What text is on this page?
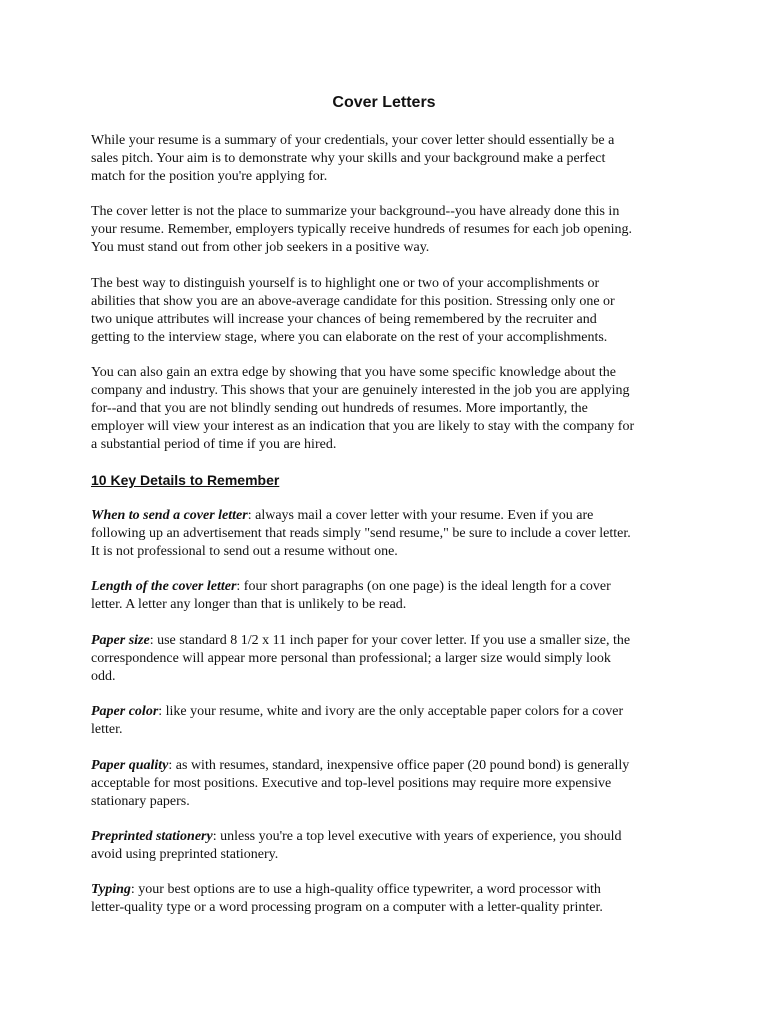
Cover Letters

While your resume is a summary of your credentials, your cover letter should essentially be a
sales pitch. Your aim is to demonstrate why your skills and your background make a perfect
match for the position you're applying for.

The cover letter is not the place to summarize your background--you have already done this in
your resume. Remember, employers typically receive hundreds of resumes for each job opening.
You must stand out from other job seekers in a positive way.

The best way to distinguish yourself is to highlight one or two of your accomplishments or
abilities that show you are an above-average candidate for this position. Stressing only one or
two unique attributes will increase your chances of being remembered by the recruiter and
getting to the interview stage, where you can elaborate on the rest of your accomplishments.

You can also gain an extra edge by showing that you have some specific knowledge about the
company and industry. This shows that your are genuinely interested in the job you are applying
for--and that you are not blindly sending out hundreds of resumes. More importantly, the
employer will view your interest as an indication that you are likely to stay with the company for
a substantial period of time if you are hired.

10 Key Details to Remember

When to send a cover letter: always mail a cover letter with your resume. Even if you are
following up an advertisement that reads simply "send resume," be sure to include a cover letter.
It is not professional to send out a resume without one.

Length of the cover letter: four short paragraphs (on one page) is the ideal length for a cover
letter. A letter any longer than that is unlikely to be read.

Paper size: use standard 8 1/2 x 11 inch paper for your cover letter. If you use a smaller size, the
correspondence will appear more personal than professional; a larger size would simply look
odd.

Paper color: like your resume, white and ivory are the only acceptable paper colors for a cover
letter.

Paper quality: as with resumes, standard, inexpensive office paper (20 pound bond) is generally
acceptable for most positions. Executive and top-level positions may require more expensive
stationary papers.

Preprinted stationery: unless you're a top level executive with years of experience, you should
avoid using preprinted stationery.

Typing: your best options are to use a high-quality office typewriter, a word processor with
letter-quality type or a word processing program on a computer with a letter-quality printer.
